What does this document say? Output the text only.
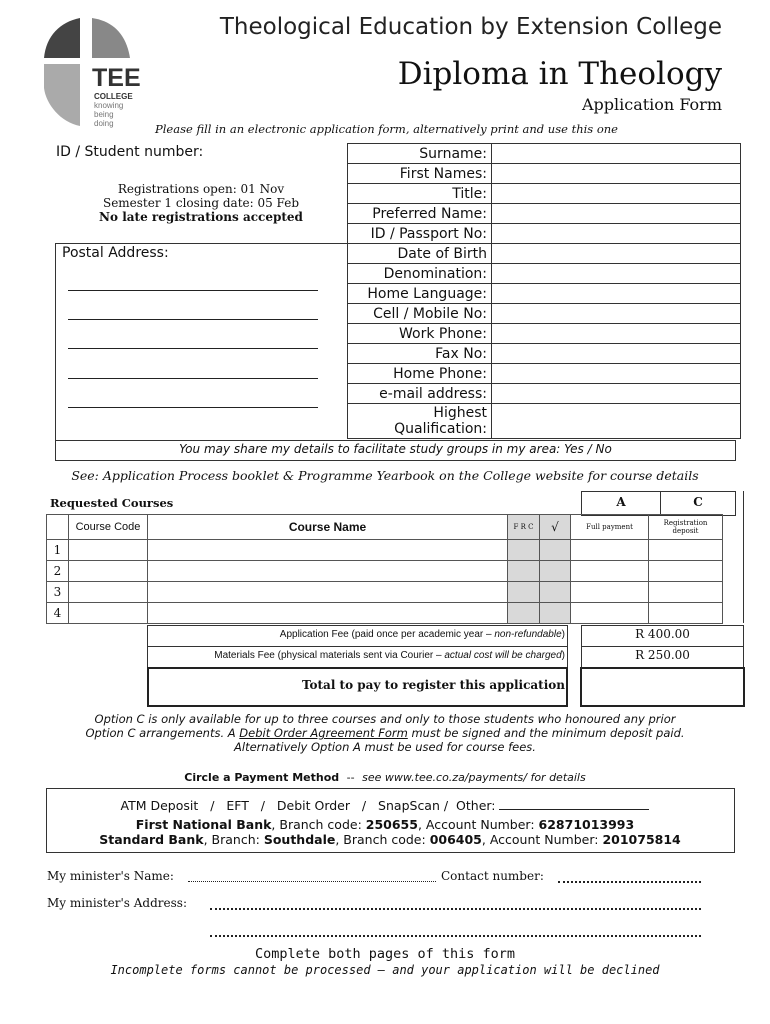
TEE
COLLEGE
knowing
being
doing
Theological Education by Extension College
Diploma in Theology
Application Form
Please fill in an electronic application form, alternatively print and use this one
ID / Student number:
Registrations open: 01 Nov
Semester 1 closing date: 05 Feb
No late registrations accepted
Postal Address:
Surname:	
First Names:	
Title:	
Preferred Name:	
ID / Passport No:	
Date of Birth	
Denomination:	
Home Language:	
Cell / Mobile No:	
Work Phone:	
Fax No:	
Home Phone:	
e-mail address:	
Highest
Qualification:	
You may share my details to facilitate study groups in my area: Yes / No
See: Application Process booklet & Programme Yearbook on the College website for course details
Requested Courses	A	C
	Course Code	Course Name	F R C	√	Full payment	Registration
deposit
1						
2						
3						
4						
Application Fee (paid once per academic year – non-refundable)	R 400.00
Materials Fee (physical materials sent via Courier – actual cost will be charged)	R 250.00
Total to pay to register this application
Option C is only available for up to three courses and only to those students who honoured any prior
Option C arrangements. A Debit Order Agreement Form must be signed and the minimum deposit paid.
Alternatively Option A must be used for course fees.
Circle a Payment Method -- see www.tee.co.za/payments/ for details
ATM Deposit   /   EFT   /   Debit Order   /   SnapScan /  Other:
First National Bank, Branch code: 250655, Account Number: 62871013993
Standard Bank, Branch: Southdale, Branch code: 006405, Account Number: 201075814
My minister's Name:	Contact number:
My minister's Address:
Complete both pages of this form
Incomplete forms cannot be processed — and your application will be declined
